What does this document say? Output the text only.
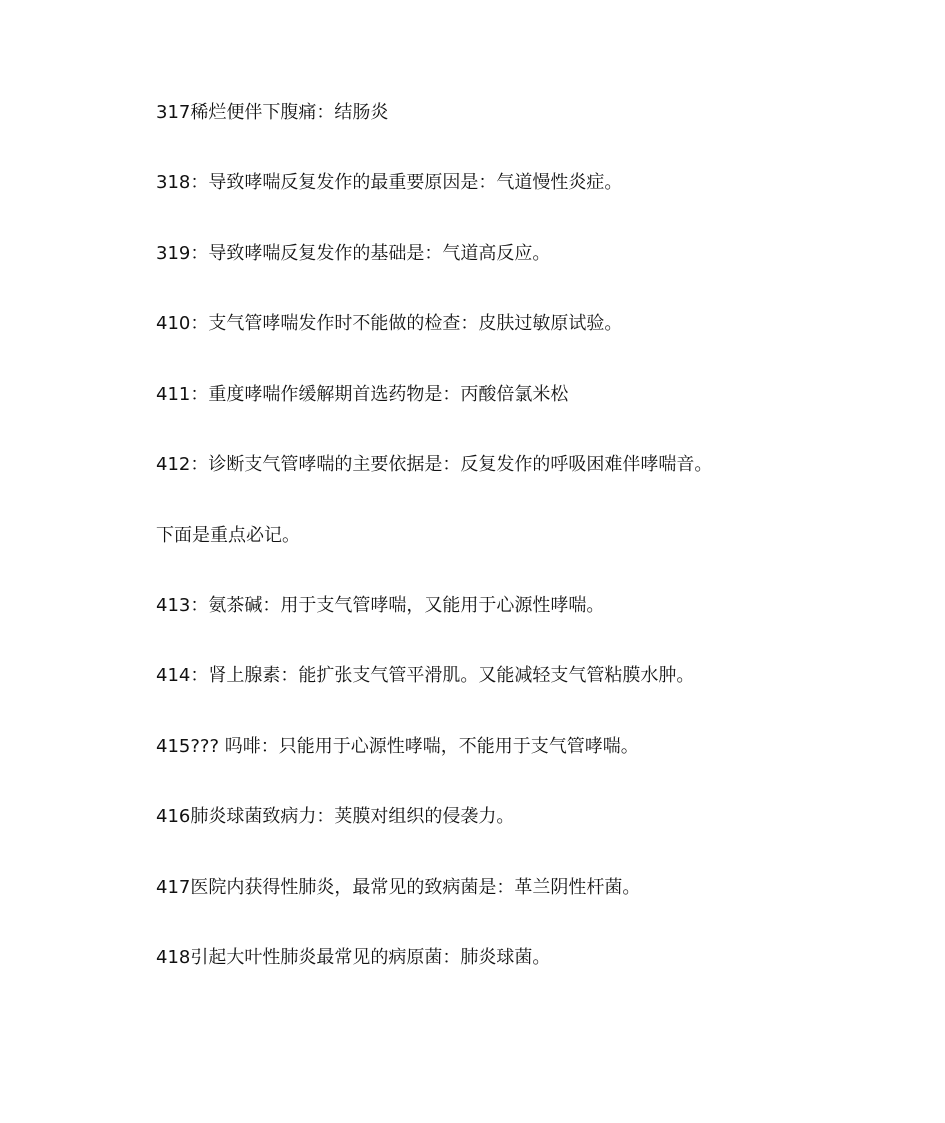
317稀烂便伴下腹痛：结肠炎
318：导致哮喘反复发作的最重要原因是：气道慢性炎症。
319：导致哮喘反复发作的基础是：气道高反应。
410：支气管哮喘发作时不能做的检查：皮肤过敏原试验。
411：重度哮喘作缓解期首选药物是：丙酸倍氯米松
412：诊断支气管哮喘的主要依据是：反复发作的呼吸困难伴哮喘音。
下面是重点必记。
413：氨茶碱：用于支气管哮喘，又能用于心源性哮喘。
414：肾上腺素：能扩张支气管平滑肌。又能减轻支气管粘膜水肿。
415??? 吗啡：只能用于心源性哮喘，不能用于支气管哮喘。
416肺炎球菌致病力：荚膜对组织的侵袭力。
417医院内获得性肺炎，最常见的致病菌是：革兰阴性杆菌。
418引起大叶性肺炎最常见的病原菌：肺炎球菌。
